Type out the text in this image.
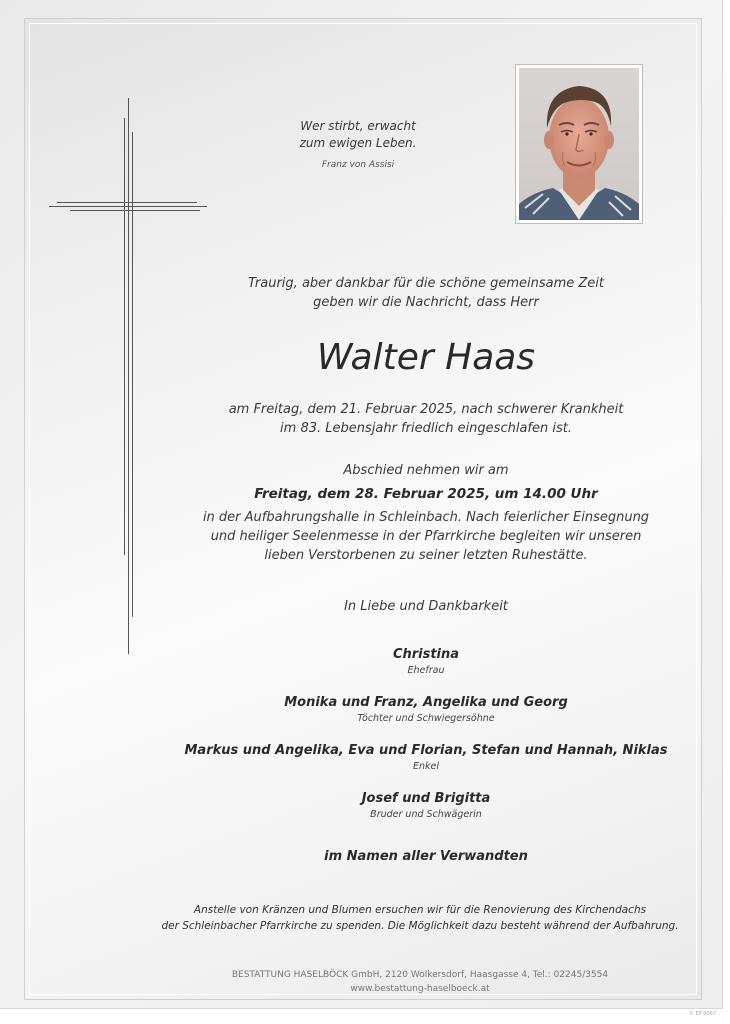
Wer stirbt, erwacht
zum ewigen Leben.
Franz von Assisi
Traurig, aber dankbar für die schöne gemeinsame Zeit
geben wir die Nachricht, dass Herr
Walter Haas
am Freitag, dem 21. Februar 2025, nach schwerer Krankheit
im 83. Lebensjahr friedlich eingeschlafen ist.
Abschied nehmen wir am
Freitag, dem 28. Februar 2025, um 14.00 Uhr
in der Aufbahrungshalle in Schleinbach. Nach feierlicher Einsegnung
und heiliger Seelenmesse in der Pfarrkirche begleiten wir unseren
lieben Verstorbenen zu seiner letzten Ruhestätte.
In Liebe und Dankbarkeit
Christina
Ehefrau
Monika und Franz, Angelika und Georg
Töchter und Schwiegersöhne
Markus und Angelika, Eva und Florian, Stefan und Hannah, Niklas
Enkel
Josef und Brigitta
Bruder und Schwägerin
im Namen aller Verwandten
Anstelle von Kränzen und Blumen ersuchen wir für die Renovierung des Kirchendachs
der Schleinbacher Pfarrkirche zu spenden. Die Möglichkeit dazu besteht während der Aufbahrung.
BESTATTUNG HASELBÖCK GmbH, 2120 Wolkersdorf, Haasgasse 4, Tel.: 02245/3554
www.bestattung-haselboeck.at
© EP 9067
